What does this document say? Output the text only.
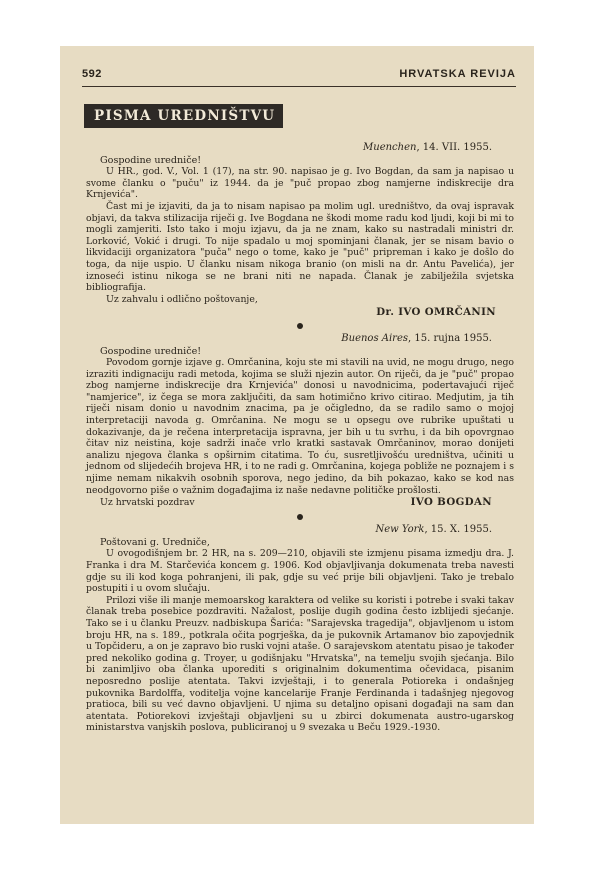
592	HRVATSKA REVIJA
PISMA UREDNIŠTVU
Muenchen, 14. VII. 1955.
Gospodine uredniče!

U HR., god. V., Vol. 1 (17), na str. 90. napisao je g. Ivo Bogdan, da sam ja napisao u svome članku o "puču" iz 1944. da je "puč propao zbog namjerne indiskrecije dra Krnjevića".

Čast mi je izjaviti, da ja to nisam napisao pa molim ugl. uredništvo, da ovaj ispravak objavi, da takva stilizacija riječi g. Ive Bogdana ne škodi mome radu kod ljudi, koji bi mi to mogli zamjeriti. Isto tako i moju izjavu, da ja ne znam, kako su nastradali ministri dr. Lorković, Vokić i drugi. To nije spadalo u moj spominjani članak, jer se nisam bavio o likvidaciji organizatora "puča" nego o tome, kako je "puč" pripreman i kako je došlo do toga, da nije uspio. U članku nisam nikoga branio (on misli na dr. Antu Pavelića), jer iznoseći istinu nikoga se ne brani niti ne napada. Članak je zabilježila svjetska bibliografija.

Uz zahvalu i odlično poštovanje,

Dr. IVO OMRČANIN
Buenos Aires, 15. rujna 1955.
Gospodine uredniče!

Povodom gornje izjave g. Omrčanina, koju ste mi stavili na uvid, ne mogu drugo, nego izraziti indignaciju radi metoda, kojima se služi njezin autor. On riječi, da je "puč" propao zbog namjerne indiskrecije dra Krnjevića" donosi u navodnicima, podertavajući riječ "namjerice", iz čega se mora zaključiti, da sam hotimično krivo citirao. Medjutim, ja tih riječi nisam donio u navodnim znacima, pa je očigledno, da se radilo samo o mojoj interpretaciji navoda g. Omrčanina. Ne mogu se u opsegu ove rubrike upuštati u dokazivanje, da je rečena interpretacija ispravna, jer bih u tu svrhu, i da bih opovrgnao čitav niz neistina, koje sadrži inače vrlo kratki sastavak Omrčaninov, morao donijeti analizu njegova članka s opširnim citatima. To ću, susretljivošću uredništva, učiniti u jednom od slijedećih brojeva HR, i to ne radi g. Omrčanina, kojega pobliže ne poznajem i s njime nemam nikakvih osobnih sporova, nego jedino, da bih pokazao, kako se kod nas neodgovorno piše o važnim događajima iz naše nedavne političke prošlosti.

Uz hrvatski pozdrav	IVO BOGDAN
New York, 15. X. 1955.
Poštovani g. Uredniče,

U ovogodišnjem br. 2 HR, na s. 209—210, objavili ste izmjenu pisama izmedju dra. J. Franka i dra M. Starčevića koncem g. 1906. Kod objavljivanja dokumenata treba navesti gdje su ili kod koga pohranjeni, ili pak, gdje su već prije bili objavljeni. Tako je trebalo postupiti i u ovom slučaju.

Prilozi više ili manje memoarskog karaktera od velike su koristi i potrebe i svaki takav članak treba posebice pozdraviti. Nažalost, poslije dugih godina često izblijedi sjećanje. Tako se i u članku Preuzv. nadbiskupa Šarića: "Sarajevska tragedija", objavljenom u istom broju HR, na s. 189., potkrala očita pogrješka, da je pukovnik Artamanov bio zapovjednik u Topčideru, a on je zapravo bio ruski vojni ataše. O sarajevskom atentatu pisao je također pred nekoliko godina g. Troyer, u godišnjaku "Hrvatska", na temelju svojih sjećanja. Bilo bi zanimljivo oba članka uporediti s originalnim dokumentima očevidaca, pisanim neposredno poslije atentata. Takvi izvještaji, i to generala Potioreka i ondašnjeg pukovnika Bardolffa, voditelja vojne kancelarije Franje Ferdinanda i tadašnjeg njegovog pratioca, bili su već davno objavljeni. U njima su detaljno opisani događaji na sam dan atentata. Potiorekovi izvještaji objavljeni su u zbirci dokumenata austro-ugarskog ministarstva vanjskih poslova, publiciranoj u 9 svezaka u Beču 1929.-1930.
